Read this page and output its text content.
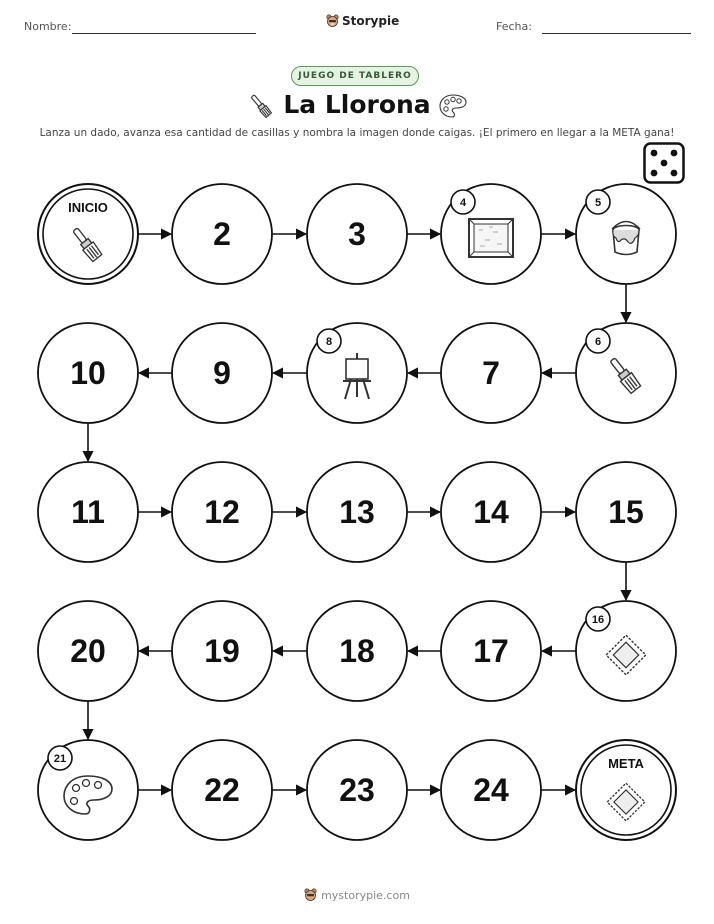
Nombre:	Storypie	Fecha:
JUEGO DE TABLERO
La Llorona
Lanza un dado, avanza esa cantidad de casillas y nombra la imagen donde caigas. ¡El primero en llegar a la META gana!
INICIO
2	3
4	5
6
7
8
9
10
11	12	13	14	15
16
17
18
19
20
21
22	23	24
META
mystorypie.com
